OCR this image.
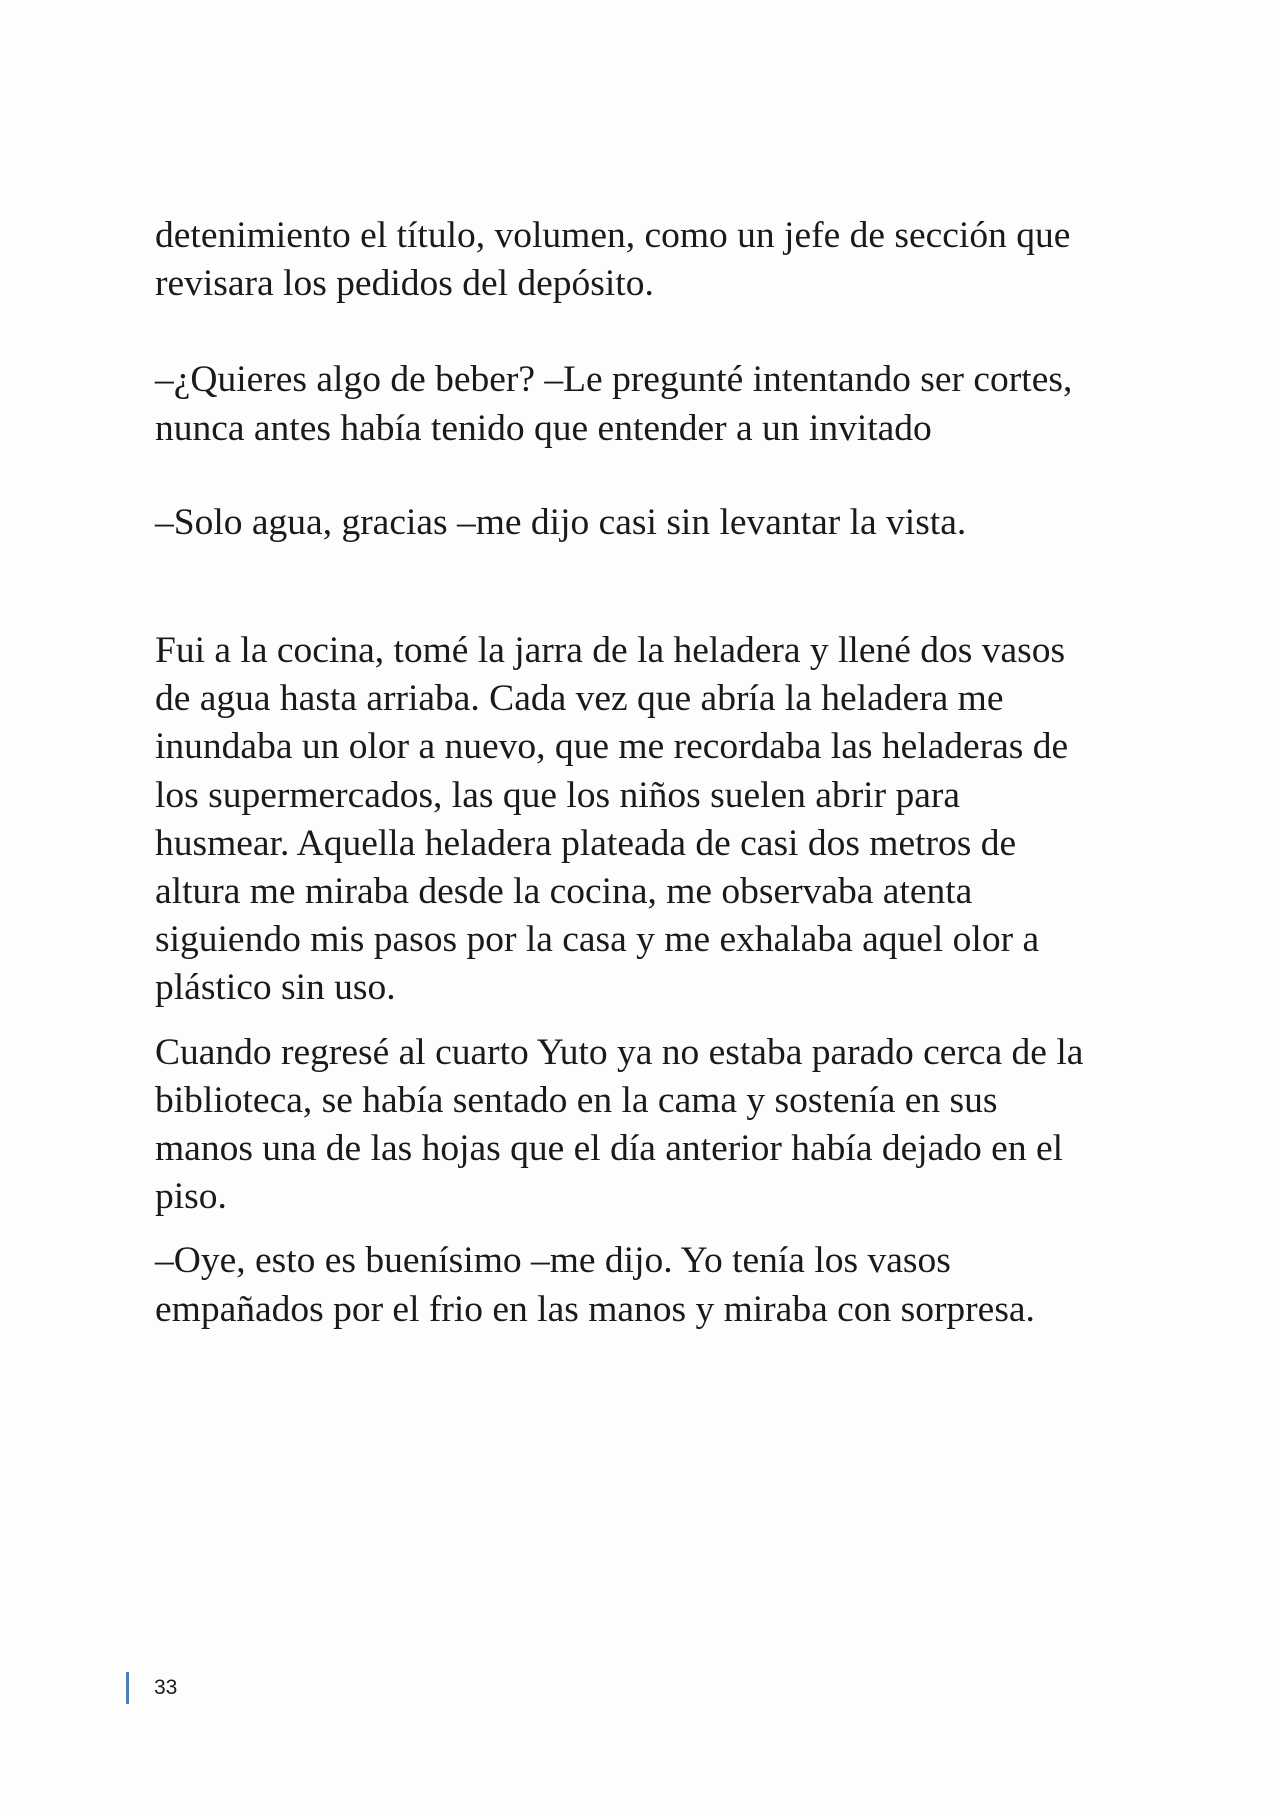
detenimiento el título, volumen, como un jefe de sección que
revisara los pedidos del depósito.

–¿Quieres algo de beber? –Le pregunté intentando ser cortes,
nunca antes había tenido que entender a un invitado

–Solo agua, gracias –me dijo casi sin levantar la vista.

Fui a la cocina, tomé la jarra de la heladera y llené dos vasos
de agua hasta arriaba. Cada vez que abría la heladera me
inundaba un olor a nuevo, que me recordaba las heladeras de
los supermercados, las que los niños suelen abrir para
husmear. Aquella heladera plateada de casi dos metros de
altura me miraba desde la cocina, me observaba atenta
siguiendo mis pasos por la casa y me exhalaba aquel olor a
plástico sin uso.

Cuando regresé al cuarto Yuto ya no estaba parado cerca de la
biblioteca, se había sentado en la cama y sostenía en sus
manos una de las hojas que el día anterior había dejado en el
piso.

–Oye, esto es buenísimo –me dijo. Yo tenía los vasos
empañados por el frio en las manos y miraba con sorpresa.

33
